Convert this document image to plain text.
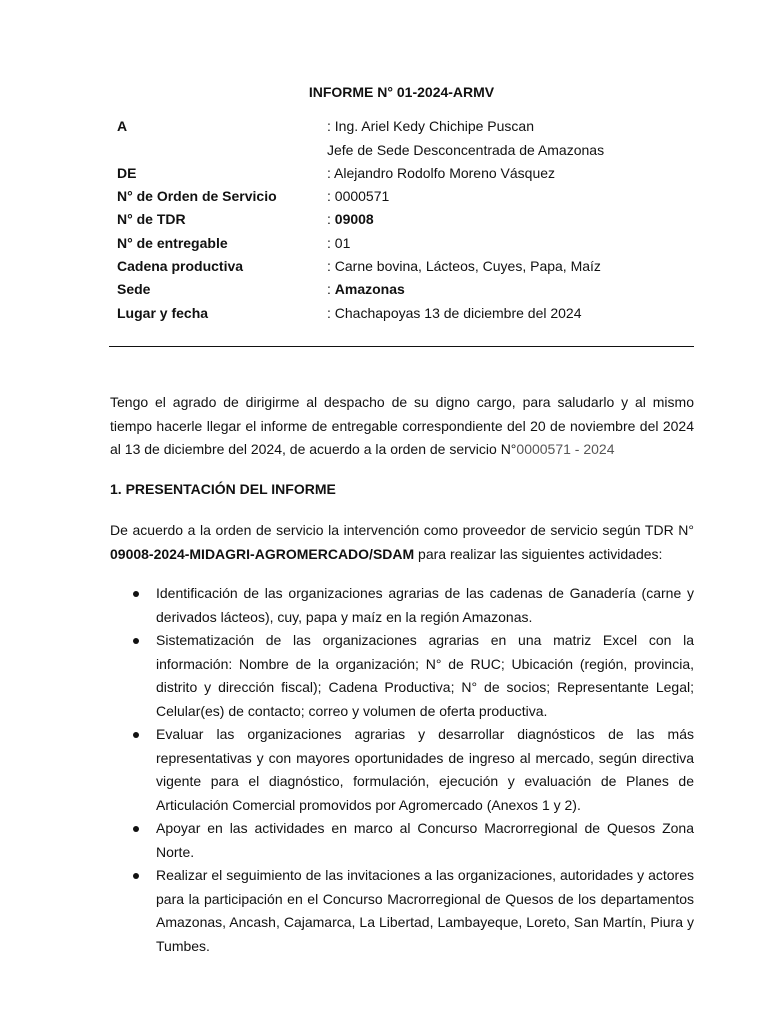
INFORME N° 01-2024-ARMV
A	: Ing. Ariel Kedy Chichipe Puscan
Jefe de Sede Desconcentrada de Amazonas
DE	: Alejandro Rodolfo Moreno Vásquez
N° de Orden de Servicio	: 0000571
N° de TDR	: 09008
N° de entregable	: 01
Cadena productiva	: Carne bovina, Lácteos, Cuyes, Papa, Maíz
Sede	: Amazonas
Lugar y fecha	: Chachapoyas 13 de diciembre del 2024
Tengo el agrado de dirigirme al despacho de su digno cargo, para saludarlo y al mismo tiempo hacerle llegar el informe de entregable correspondiente del 20 de noviembre del 2024 al 13 de diciembre del 2024, de acuerdo a la orden de servicio N°0000571 - 2024
1. PRESENTACIÓN DEL INFORME
De acuerdo a la orden de servicio la intervención como proveedor de servicio según TDR N° 09008-2024-MIDAGRI-AGROMERCADO/SDAM para realizar las siguientes actividades:
Identificación de las organizaciones agrarias de las cadenas de Ganadería (carne y derivados lácteos), cuy, papa y maíz en la región Amazonas.
Sistematización de las organizaciones agrarias en una matriz Excel con la información: Nombre de la organización; N° de RUC; Ubicación (región, provincia, distrito y dirección fiscal); Cadena Productiva; N° de socios; Representante Legal; Celular(es) de contacto; correo y volumen de oferta productiva.
Evaluar las organizaciones agrarias y desarrollar diagnósticos de las más representativas y con mayores oportunidades de ingreso al mercado, según directiva vigente para el diagnóstico, formulación, ejecución y evaluación de Planes de Articulación Comercial promovidos por Agromercado (Anexos 1 y 2).
Apoyar en las actividades en marco al Concurso Macrorregional de Quesos Zona Norte.
Realizar el seguimiento de las invitaciones a las organizaciones, autoridades y actores para la participación en el Concurso Macrorregional de Quesos de los departamentos Amazonas, Ancash, Cajamarca, La Libertad, Lambayeque, Loreto, San Martín, Piura y Tumbes.
